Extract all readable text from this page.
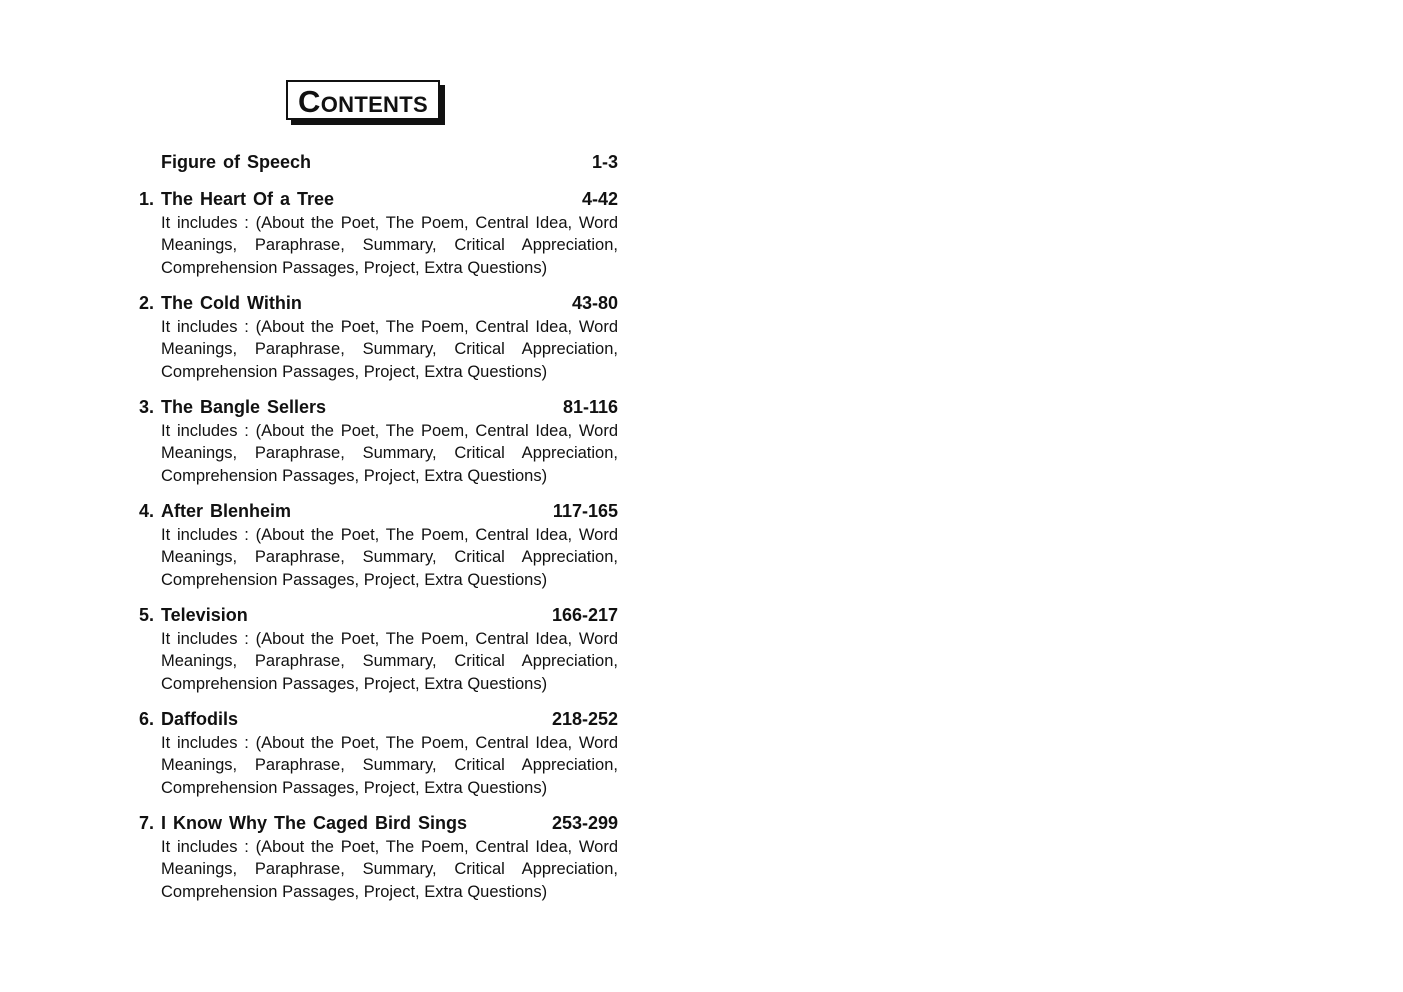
CONTENTS
Figure of Speech	1-3
1. The Heart Of a Tree	4-42
It includes : (About the Poet, The Poem, Central Idea, Word Meanings, Paraphrase, Summary, Critical Appreciation, Comprehension Passages, Project, Extra Questions)
2. The Cold Within	43-80
It includes : (About the Poet, The Poem, Central Idea, Word Meanings, Paraphrase, Summary, Critical Appreciation, Comprehension Passages, Project, Extra Questions)
3. The Bangle Sellers	81-116
It includes : (About the Poet, The Poem, Central Idea, Word Meanings, Paraphrase, Summary, Critical Appreciation, Comprehension Passages, Project, Extra Questions)
4. After Blenheim	117-165
It includes : (About the Poet, The Poem, Central Idea, Word Meanings, Paraphrase, Summary, Critical Appreciation, Comprehension Passages, Project, Extra Questions)
5. Television	166-217
It includes : (About the Poet, The Poem, Central Idea, Word Meanings, Paraphrase, Summary, Critical Appreciation, Comprehension Passages, Project, Extra Questions)
6. Daffodils	218-252
It includes : (About the Poet, The Poem, Central Idea, Word Meanings, Paraphrase, Summary, Critical Appreciation, Comprehension Passages, Project, Extra Questions)
7. I Know Why The Caged Bird Sings	253-299
It includes : (About the Poet, The Poem, Central Idea, Word Meanings, Paraphrase, Summary, Critical Appreciation, Comprehension Passages, Project, Extra Questions)
